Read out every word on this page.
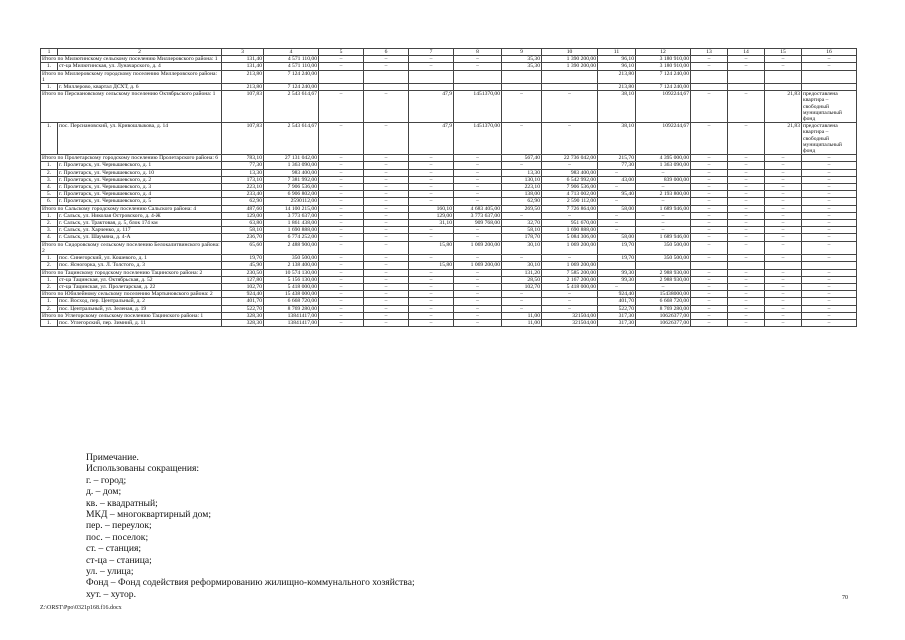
1	2	3	4	5	6	7	8	9	10	11	12	13	14	15	16
Итого по Милютинскому сельскому поселению Миллеровского района: 1		131,40	4 571 110,00	–	–	–	–	35,30	1 390 200,00	96,10	3 180 910,00	–	–	–	–
1.	ст-ца Милютинская, ул. Луначарского, д. 4	131,40	4 571 110,00	–	–	–	–	35,30	1 390 200,00	96,10	3 180 910,00	–	–	–	–
Итого по Миллеровскому городскому поселению Миллеровского района: 1		213,80	7 124 240,00							213,80	7 124 240,00				
1.	г. Миллерово, квартал ДСХТ, д. 6	213,80	7 124 240,00							213,80	7 124 240,00				
Итого по Персиановскому сельскому поселению Октябрьского района: 1		107,83	2 543 614,67	–	–	47,9	1451370,00	–	–	38,10	1092244,67	–	–	21,83	предоставлена квартира – свободный муниципальный фонд
1.	пос. Персиановский, ул. Кривошлыкова, д. 14	107,83	2 543 614,67	–	–	47,9	1451370,00	–	–	38,10	1092244,67	–	–	21,83	предоставлена квартира – свободный муниципальный фонд
Итого по Пролетарскому городскому поселению Пролетарского района: 6		783,10	27 131 042,00	–	–	–	–	567,40	22 736 042,00	215,70	4 395 000,00	–	–	–	–
1.	г. Пролетарск, ул. Чернышевского, д. 1	77,30	1 363 090,00	–	–	–	–	–	–	77,30	1 363 090,00	–	–	–	–
2.	г. Пролетарск, ул. Чернышевского, д. 10	13,30	983 400,00	–	–	–	–	13,30	983 400,00	–	–	–	–	–	–
3.	г. Пролетарск, ул. Чернышевского, д. 2	173,10	7 381 992,00	–	–	–	–	130,10	6 542 992,00	43,00	839 000,00	–	–	–	–
4.	г. Пролетарск, ул. Чернышевского, д. 3	223,10	7 906 536,00	–	–	–	–	223,10	7 906 536,00	–	–	–	–	–	–
5.	г. Пролетарск, ул. Чернышевского, д. 4	233,40	6 906 802,00	–	–	–	–	138,00	4 713 002,00	95,40	2 193 800,00	–	–	–	–
6.	г. Пролетарск, ул. Чернышевского, д. 5	62,90	2590112,00	–	–	–	–	62,90	2 590 112,00	–	–	–	–	–	–
Итого по Сальскому городскому поселению Сальского района: 4		487,60	14 100 215,00	–	–	160,10	4 683 405,00	269,50	7 726 864,00	58,00	1 689 946,00	–	–	–	–
1.	г. Сальск, ул. Николая Островского, д. 4-Ж	129,00	3 773 637,00	–	–	129,00	3 773 637,00	–	–	–	–	–	–	–	–
2.	г. Сальск, ул. Трактовая, д. 5, блок 174 км	63,80	1 861 438,00	–	–	31,10	909 768,00	32,70	951 670,00	–	–	–	–	–	–
3.	г. Сальск, ул. Харченко, д. 117	58,10	1 690 888,00	–	–	–	–	58,10	1 690 888,00	–	–	–	–	–	–
4.	г. Сальск, ул. Шаумяна, д. 4-А	236,70	6 774 252,00	–	–	–	–	178,70	5 084 306,00	58,00	1 689 946,00	–	–	–	–
Итого по Сидоровскому сельскому поселению Белокалитвинского района: 2		65,60	2 488 900,00	–	–	15,80	1 069 200,00	30,10	1 069 200,00	19,70	350 500,00	–	–	–	–
1.	пос. Синегорский, ул. Кошевого, д. 1	19,70	350 500,00	–	–	–	–	–	–	19,70	350 500,00	–	–	–	–
2.	пос. Ясногорка, ул. Л. Толстого, д. 3	45,90	2 138 400,00	–	–	15,80	1 069 200,00	30,10	1 069 200,00						
Итого по Тацинскому городскому поселению Тацинского района: 2		230,50	10 574 130,00	–	–	–	–	131,20	7 585 200,00	99,30	2 988 930,00	–	–	–	–
1.	ст-ца Тацинская, ул. Октябрьская, д. 52	127,80	5 156 130,00	–	–	–	–	28,50	2 167 200,00	99,30	2 988 930,00	–	–	–	–
2.	ст-ца Тацинская, ул. Пролетарская, д. 22	102,70	5 418 000,00	–	–	–	–	102,70	5 418 000,00	–	–	–	–	–	–
Итого по Юбилейному сельскому поселению Мартыновского района: 2		924,40	15 438 000,00	–	–	–	–	–	–	924,40	15438000,00	–	–	–	–
1.	пос. Восход, пер. Центральный, д. 2	401,70	6 668 720,00	–	–	–	–	–	–	401,70	6 668 720,00	–	–	–	–
2.	пос. Центральный, ул. Зеленая, д. 19	522,70	8 769 280,00	–	–	–	–	–	–	522,70	8 769 280,00	–	–	–	–
Итого по Углегорскому сельскому поселению Тацинского района: 1		328,30	13841417,00	–	–	–	–	11,00	321504,00	317,30	10626377,00	–	–	–	–
1.	пос. Углегорский, пер. Зимний, д. 11	328,30	13841417,00	–	–	–	–	11,00	321504,00	317,30	10626377,00	–	–	–	–
Примечание.
Использованы сокращения:
г. – город;
д. – дом;
кв. – квадратный;
МКД – многоквартирный дом;
пер. – переулок;
пос. – поселок;
ст. – станция;
ст-ца – станица;
ул. – улица;
Фонд – Фонд содействия реформированию жилищно-коммунального хозяйства;
хут. – хутор.	70
Z:\ORST\Ppo\0321p168.f16.docx
